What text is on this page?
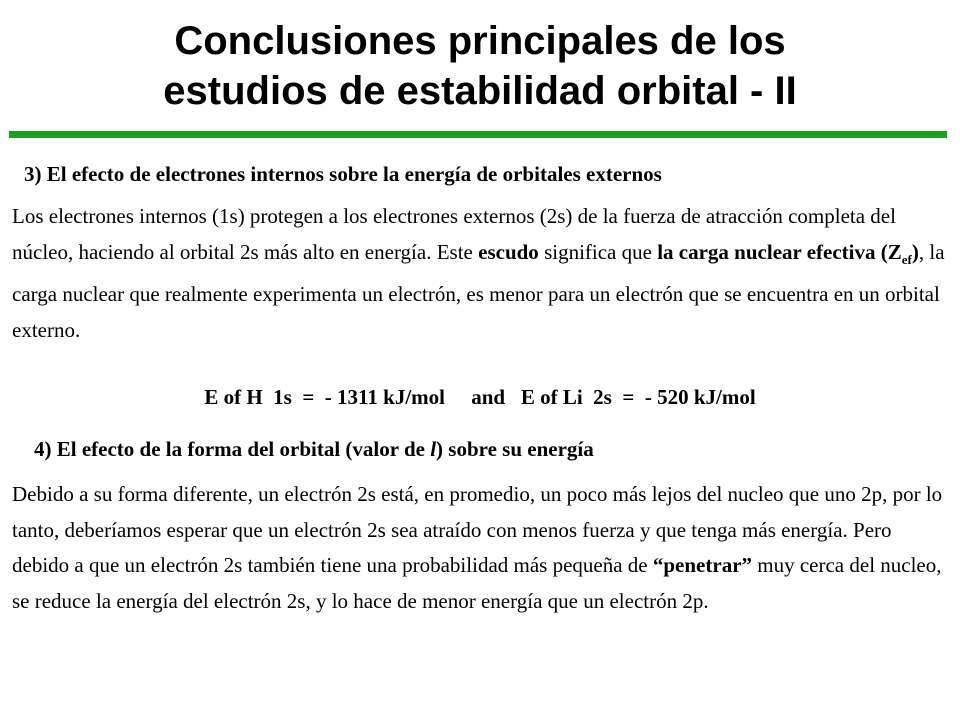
Conclusiones principales de los
estudios de estabilidad orbital - II

3) El efecto de electrones internos sobre la energía de orbitales externos

Los electrones internos (1s) protegen a los electrones externos (2s) de la fuerza de atracción completa del núcleo, haciendo al orbital 2s más alto en energía. Este escudo significa que la carga nuclear efectiva $(Z_{ef})$, la carga nuclear que realmente experimenta un electrón, es menor para un electrón que se encuentra en un orbital externo.

E of H  1s  =  - 1311 kJ/mol and E of Li  2s  =  - 520 kJ/mol

4) El efecto de la forma del orbital (valor de l) sobre su energía

Debido a su forma diferente, un electrón 2s está, en promedio, un poco más lejos del nucleo que uno 2p, por lo tanto, deberíamos esperar que un electrón 2s sea atraído con menos fuerza y que tenga más energía. Pero debido a que un electrón 2s también tiene una probabilidad más pequeña de “penetrar” muy cerca del nucleo, se reduce la energía del electrón 2s, y lo hace de menor energía que un electrón 2p.
